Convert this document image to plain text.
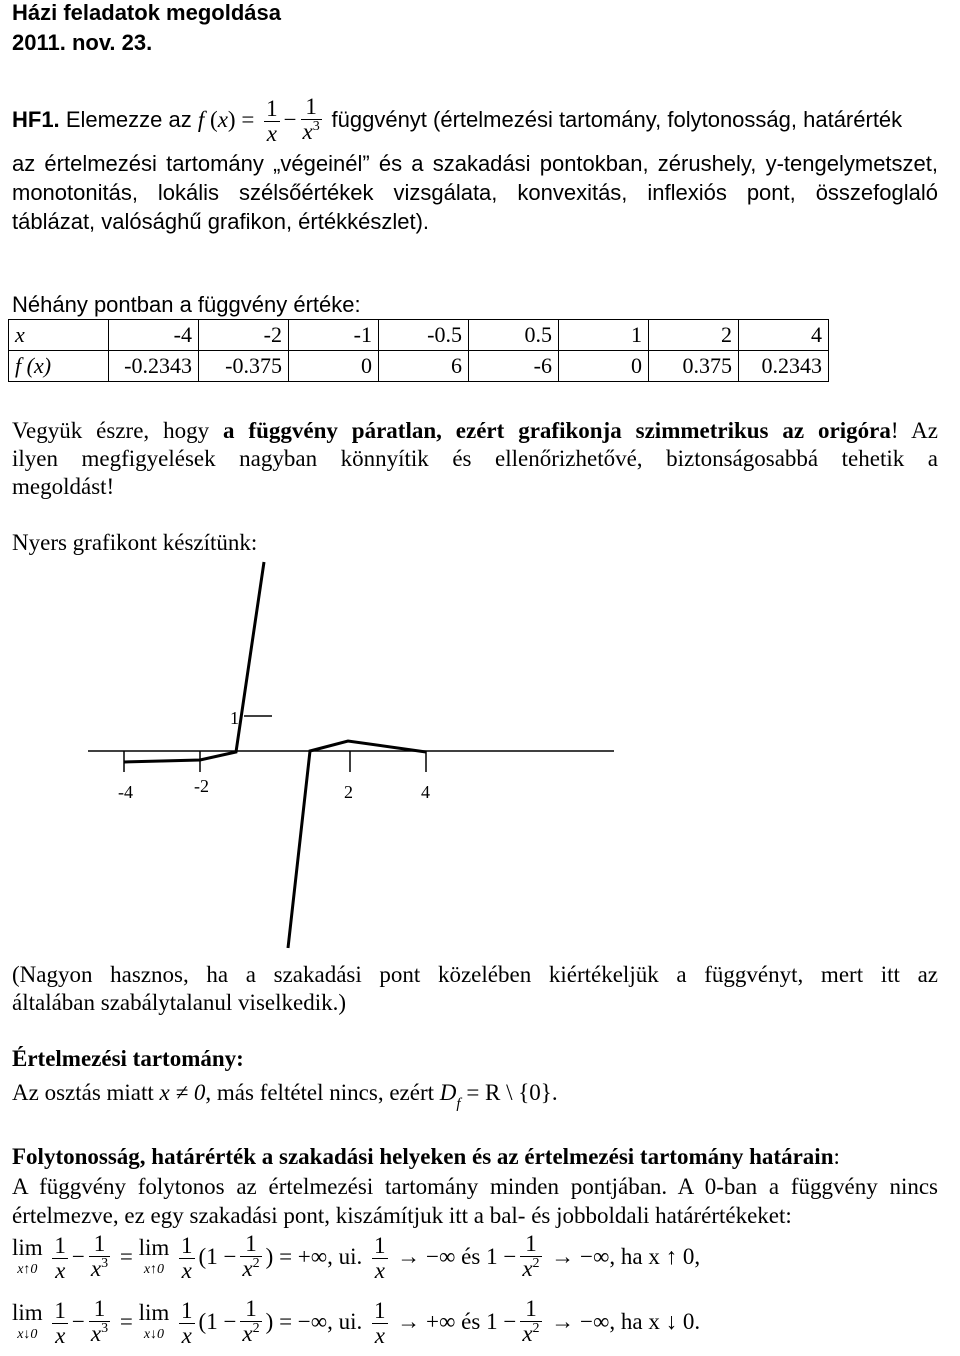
Házi feladatok megoldása
2011. nov. 23.
HF1. Elemezze az f $(x) = \frac{1}{x} - \frac{1}{x^3}$ függvényt (értelmezési tartomány, folytonosság, határérték
az értelmezési tartomány „végeinél” és a szakadási pontokban, zérushely, y-tengelymetszet,
monotonitás, lokális szélsőértékek vizsgálata, konvexitás, inflexiós pont, összefoglaló
táblázat, valósághű grafikon, értékkészlet).
Néhány pontban a függvény értéke:
x	-4	-2	-1	-0.5	0.5	1	2	4
f (x)	-0.2343	-0.375	0	6	-6	0	0.375	0.2343
Vegyük észre, hogy a függvény páratlan, ezért grafikonja szimmetrikus az origóra! Az
ilyen megfigyelések nagyban könnyítik és ellenőrizhetővé, biztonságosabbá tehetik a
megoldást!
Nyers grafikont készítünk:
1
-4	-2	2	4
(Nagyon hasznos, ha a szakadási pont közelében kiértékeljük a függvényt, mert itt az
általában szabálytalanul viselkedik.)
Értelmezési tartomány:
Az osztás miatt x ≠ 0, más feltétel nincs, ezért $D_f = R$ \ {0}.
Folytonosság, határérték a szakadási helyeken és az értelmezési tartomány határain:
A függvény folytonos az értelmezési tartomány minden pontjában. A 0-ban a függvény nincs
értelmezve, ez egy szakadási pont, kiszámítjuk itt a bal- és jobboldali határértékeket:
lim
x↑0
$\frac{1}{x} - \frac{1}{x^3} = \lim$
x↑0
$\frac{1}{x} (1 - \frac{1}{x^2}$ ) = +∞, ui. $\frac{1}{x}$ → −∞ és $1 - \frac{1}{x^2}$ → −∞, ha x ↑ 0,
lim
x↓0
$\frac{1}{x} - \frac{1}{x^3} = \lim$
x↓0
$\frac{1}{x} (1 - \frac{1}{x^2}$ ) = −∞, ui. $\frac{1}{x}$ → +∞ és $1 - \frac{1}{x^2}$ → −∞, ha x ↓ 0.
